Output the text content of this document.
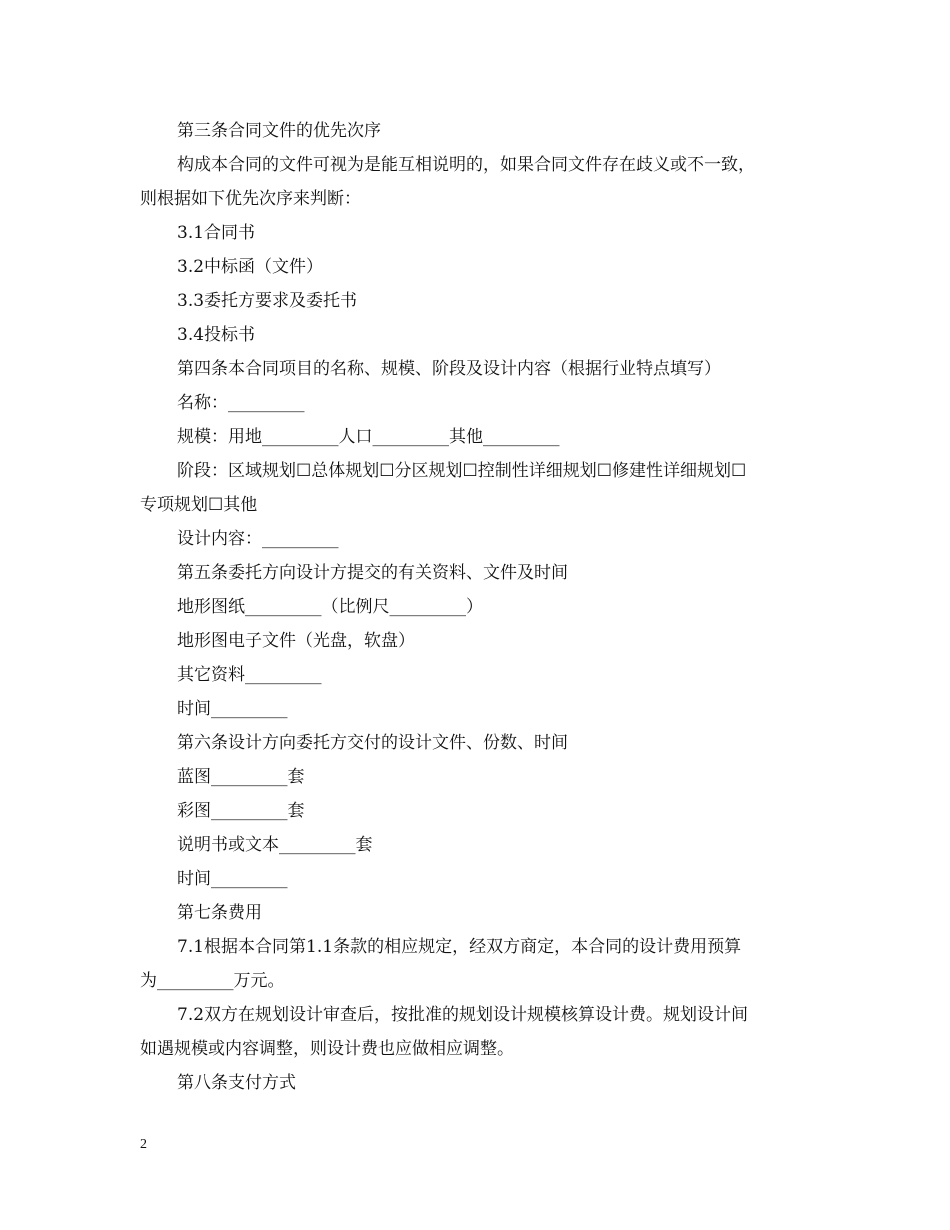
第三条合同文件的优先次序
构成本合同的文件可视为是能互相说明的，如果合同文件存在歧义或不一致，
则根据如下优先次序来判断：
3.1合同书
3.2中标函（文件）
3.3委托方要求及委托书
3.4投标书
第四条本合同项目的名称、规模、阶段及设计内容（根据行业特点填写）
名称：_________
规模：用地_________人口_________其他_________
阶段：区域规划☐总体规划☐分区规划☐控制性详细规划☐修建性详细规划☐
专项规划☐其他
设计内容：_________
第五条委托方向设计方提交的有关资料、文件及时间
地形图纸_________（比例尺_________）
地形图电子文件（光盘，软盘）
其它资料_________
时间_________
第六条设计方向委托方交付的设计文件、份数、时间
蓝图_________套
彩图_________套
说明书或文本_________套
时间_________
第七条费用
7.1根据本合同第1.1条款的相应规定，经双方商定，本合同的设计费用预算
为_________万元。
7.2双方在规划设计审查后，按批准的规划设计规模核算设计费。规划设计间
如遇规模或内容调整，则设计费也应做相应调整。
第八条支付方式
2
